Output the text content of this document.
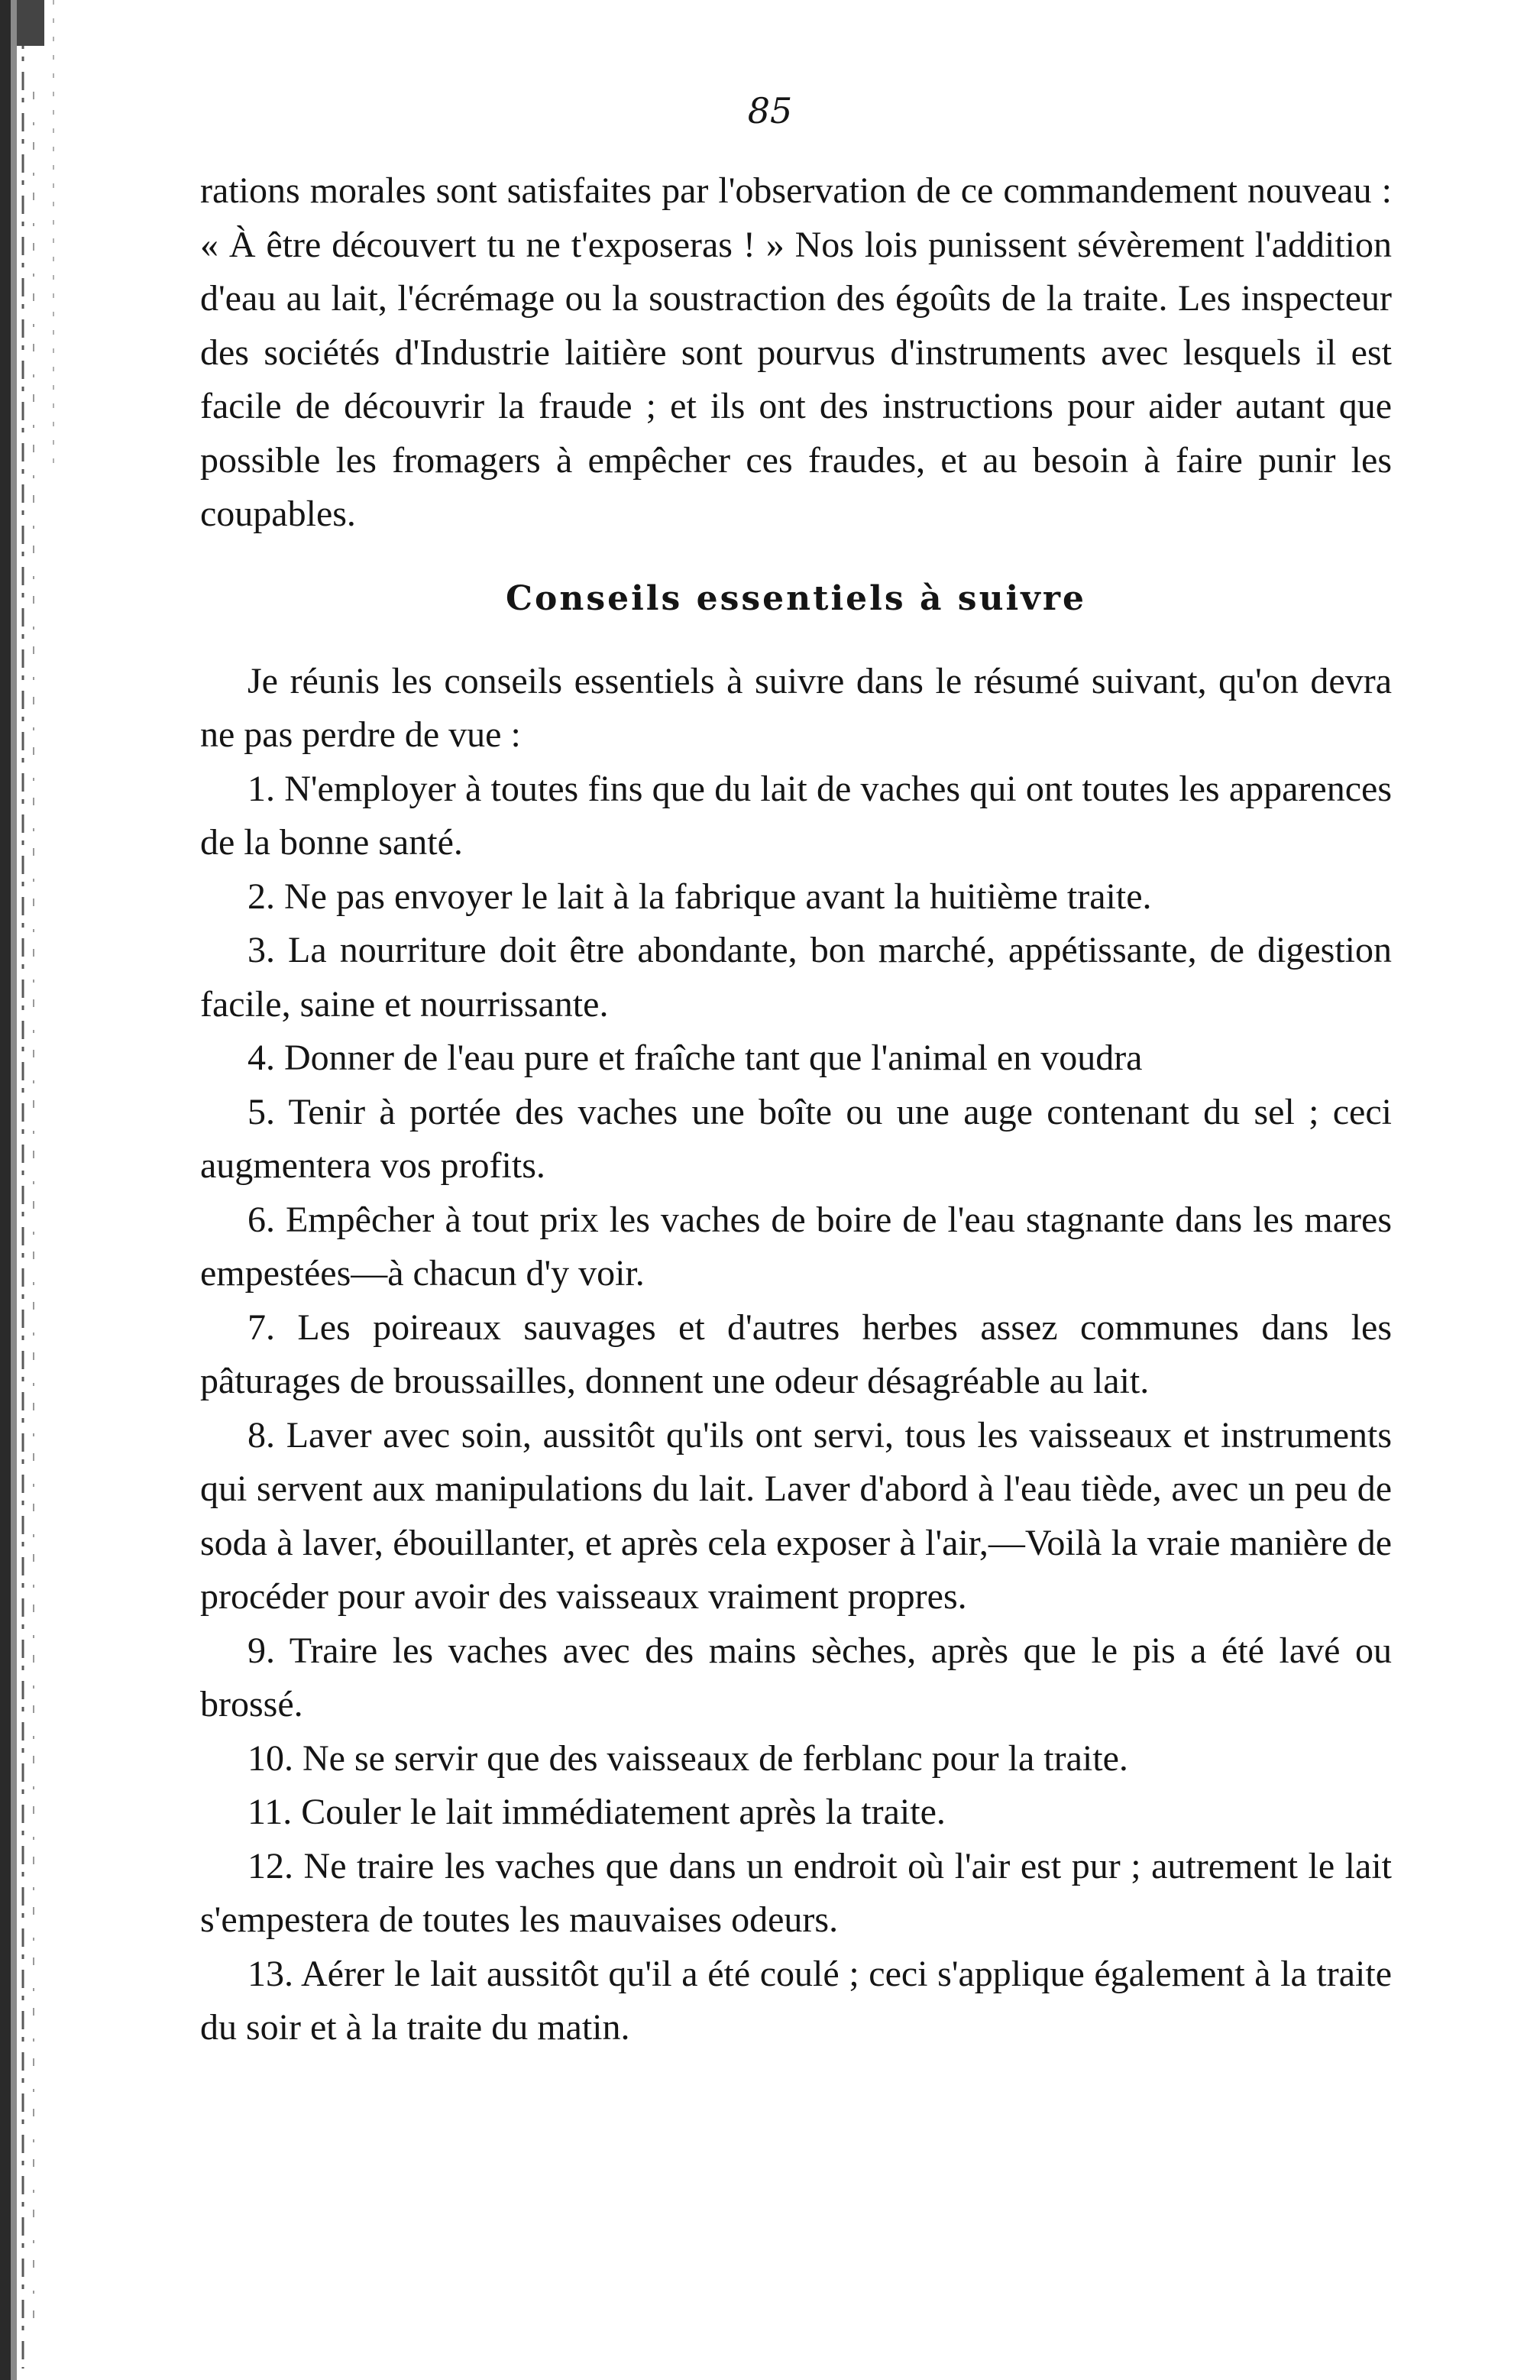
85

rations morales sont satisfaites par l'observation de ce commandement nouveau : « À être découvert tu ne t'exposeras ! » Nos lois punissent sévèrement l'addition d'eau au lait, l'écrémage ou la soustraction des égoûts de la traite. Les inspecteur des sociétés d'Industrie laitière sont pourvus d'instruments avec lesquels il est facile de découvrir la fraude ; et ils ont des instructions pour aider autant que possible les fromagers à empêcher ces fraudes, et au besoin à faire punir les coupables.

Conseils essentiels à suivre

Je réunis les conseils essentiels à suivre dans le résumé suivant, qu'on devra ne pas perdre de vue :

1. N'employer à toutes fins que du lait de vaches qui ont toutes les apparences de la bonne santé.

2. Ne pas envoyer le lait à la fabrique avant la huitième traite.

3. La nourriture doit être abondante, bon marché, appétissante, de digestion facile, saine et nourrissante.

4. Donner de l'eau pure et fraîche tant que l'animal en voudra

5. Tenir à portée des vaches une boîte ou une auge contenant du sel ; ceci augmentera vos profits.

6. Empêcher à tout prix les vaches de boire de l'eau stagnante dans les mares empestées—à chacun d'y voir.

7. Les poireaux sauvages et d'autres herbes assez communes dans les pâturages de broussailles, donnent une odeur désagréable au lait.

8. Laver avec soin, aussitôt qu'ils ont servi, tous les vaisseaux et instruments qui servent aux manipulations du lait. Laver d'abord à l'eau tiède, avec un peu de soda à laver, ébouillanter, et après cela exposer à l'air,—Voilà la vraie manière de procéder pour avoir des vaisseaux vraiment propres.

9. Traire les vaches avec des mains sèches, après que le pis a été lavé ou brossé.

10. Ne se servir que des vaisseaux de ferblanc pour la traite.

11. Couler le lait immédiatement après la traite.

12. Ne traire les vaches que dans un endroit où l'air est pur ; autrement le lait s'empestera de toutes les mauvaises odeurs.

13. Aérer le lait aussitôt qu'il a été coulé ; ceci s'applique également à la traite du soir et à la traite du matin.
